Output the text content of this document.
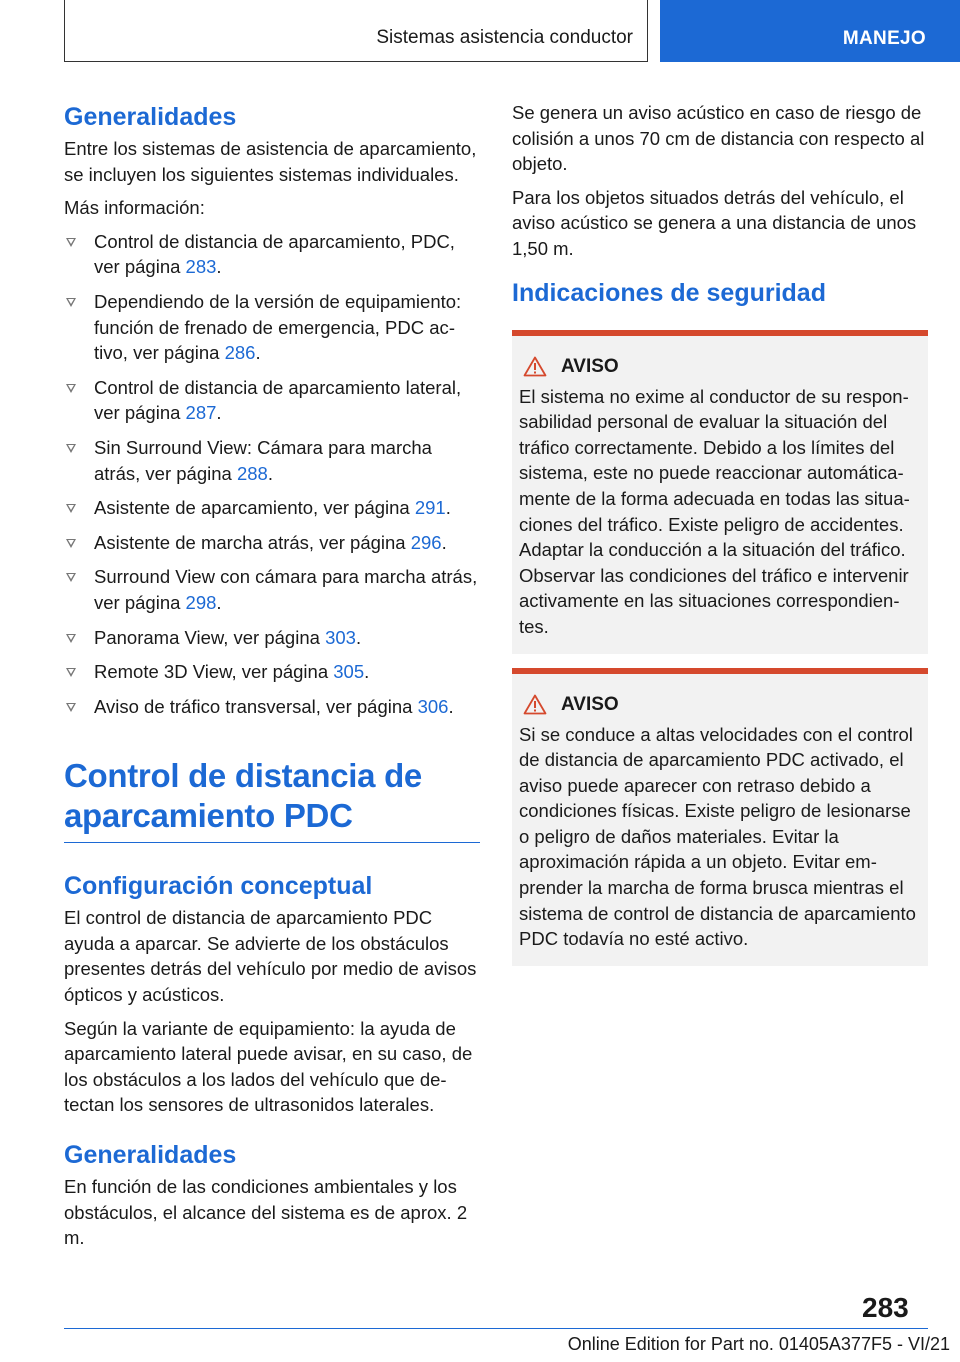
Sistemas asistencia conductor	MANEJO
Generalidades

Entre los sistemas de asistencia de aparcamiento, se incluyen los siguientes sistemas individuales.

Más información:

Control de distancia de aparcamiento, PDC, ver página 283.
Dependiendo de la versión de equipamiento: función de frenado de emergencia, PDC activo, ver página 286.
Control de distancia de aparcamiento lateral, ver página 287.
Sin Surround View: Cámara para marcha atrás, ver página 288.
Asistente de aparcamiento, ver página 291.
Asistente de marcha atrás, ver página 296.
Surround View con cámara para marcha atrás, ver página 298.
Panorama View, ver página 303.
Remote 3D View, ver página 305.
Aviso de tráfico transversal, ver página 306.
Control de distancia de aparcamiento PDC
Configuración conceptual

El control de distancia de aparcamiento PDC ayuda a aparcar. Se advierte de los obstáculos presentes detrás del vehículo por medio de avisos ópticos y acústicos.

Según la variante de equipamiento: la ayuda de aparcamiento lateral puede avisar, en su caso, de los obstáculos a los lados del vehículo que detectan los sensores de ultrasonidos laterales.

Generalidades

En función de las condiciones ambientales y los obstáculos, el alcance del sistema es de aprox. 2 m.

Se genera un aviso acústico en caso de riesgo de colisión a unos 70 cm de distancia con respecto al objeto.

Para los objetos situados detrás del vehículo, el aviso acústico se genera a una distancia de unos 1,50 m.

Indicaciones de seguridad
AVISO

El sistema no exime al conductor de su responsabilidad personal de evaluar la situación del tráfico correctamente. Debido a los límites del sistema, este no puede reaccionar automáticamente de la forma adecuada en todas las situaciones del tráfico. Existe peligro de accidentes. Adaptar la conducción a la situación del tráfico. Observar las condiciones del tráfico e intervenir activamente en las situaciones correspondientes.

AVISO

Si se conduce a altas velocidades con el control de distancia de aparcamiento PDC activado, el aviso puede aparecer con retraso debido a condiciones físicas. Existe peligro de lesionarse o peligro de daños materiales. Evitar la aproximación rápida a un objeto. Evitar emprender la marcha de forma brusca mientras el sistema de control de distancia de aparcamiento PDC todavía no esté activo.

283
Online Edition for Part no. 01405A377F5 - VI/21
